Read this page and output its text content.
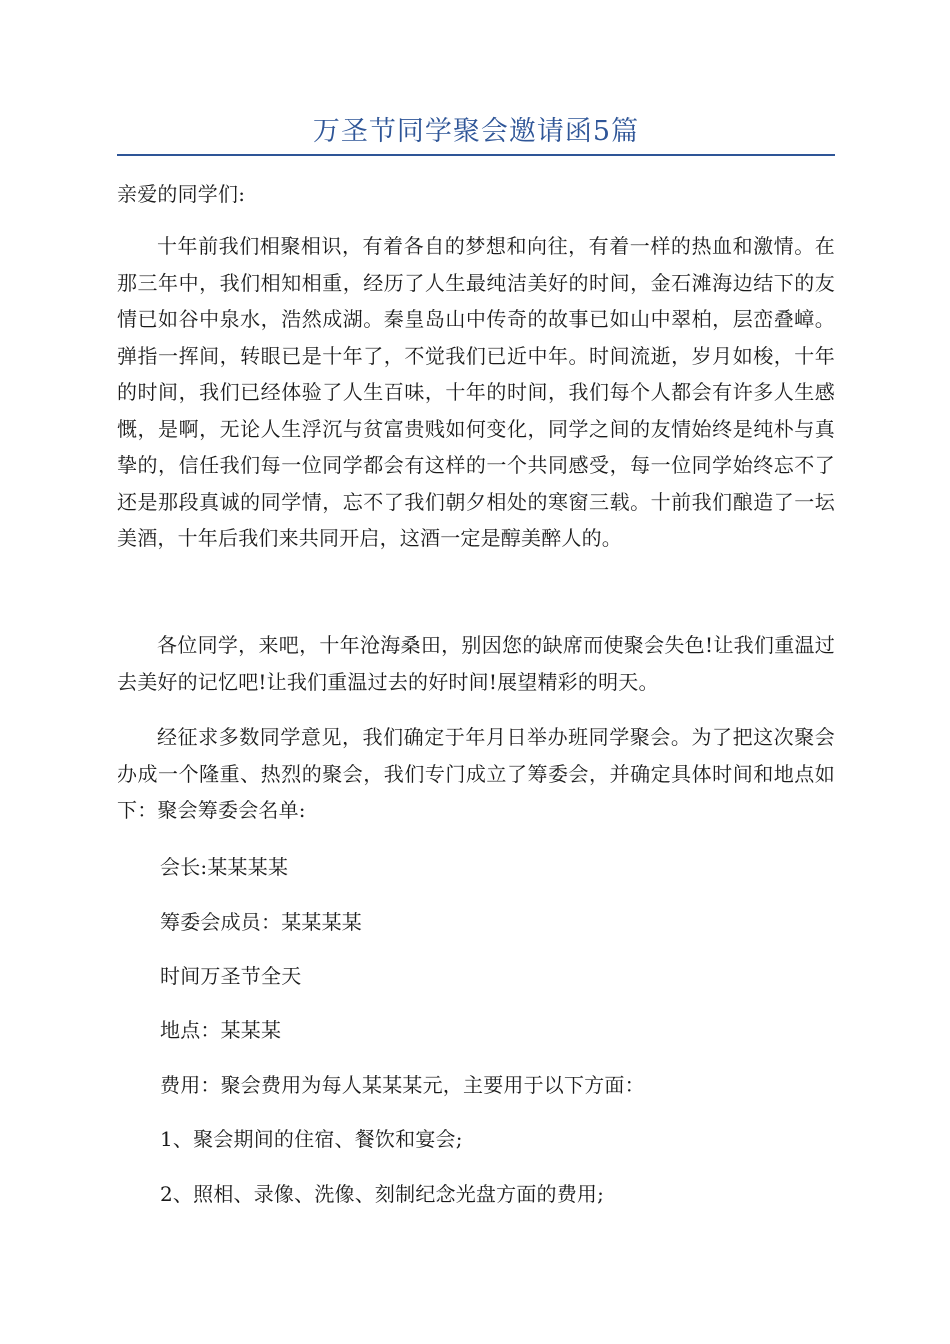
万圣节同学聚会邀请函5篇

亲爱的同学们:

十年前我们相聚相识，有着各自的梦想和向往，有着一样的热血和激情。在那三年中，我们相知相重，经历了人生最纯洁美好的时间，金石滩海边结下的友情已如谷中泉水，浩然成湖。秦皇岛山中传奇的故事已如山中翠柏，层峦叠嶂。弹指一挥间，转眼已是十年了，不觉我们已近中年。时间流逝，岁月如梭，十年的时间，我们已经体验了人生百味，十年的时间，我们每个人都会有许多人生感慨，是啊，无论人生浮沉与贫富贵贱如何变化，同学之间的友情始终是纯朴与真挚的，信任我们每一位同学都会有这样的一个共同感受，每一位同学始终忘不了还是那段真诚的同学情，忘不了我们朝夕相处的寒窗三载。十前我们酿造了一坛美酒，十年后我们来共同开启，这酒一定是醇美醉人的。

各位同学，来吧，十年沧海桑田，别因您的缺席而使聚会失色!让我们重温过去美好的记忆吧!让我们重温过去的好时间!展望精彩的明天。

经征求多数同学意见，我们确定于年月日举办班同学聚会。为了把这次聚会办成一个隆重、热烈的聚会，我们专门成立了筹委会，并确定具体时间和地点如下：聚会筹委会名单:

会长:某某某某

筹委会成员：某某某某

时间万圣节全天

地点：某某某

费用：聚会费用为每人某某某元，主要用于以下方面：

1、聚会期间的住宿、餐饮和宴会;

2、照相、录像、洗像、刻制纪念光盘方面的费用;
